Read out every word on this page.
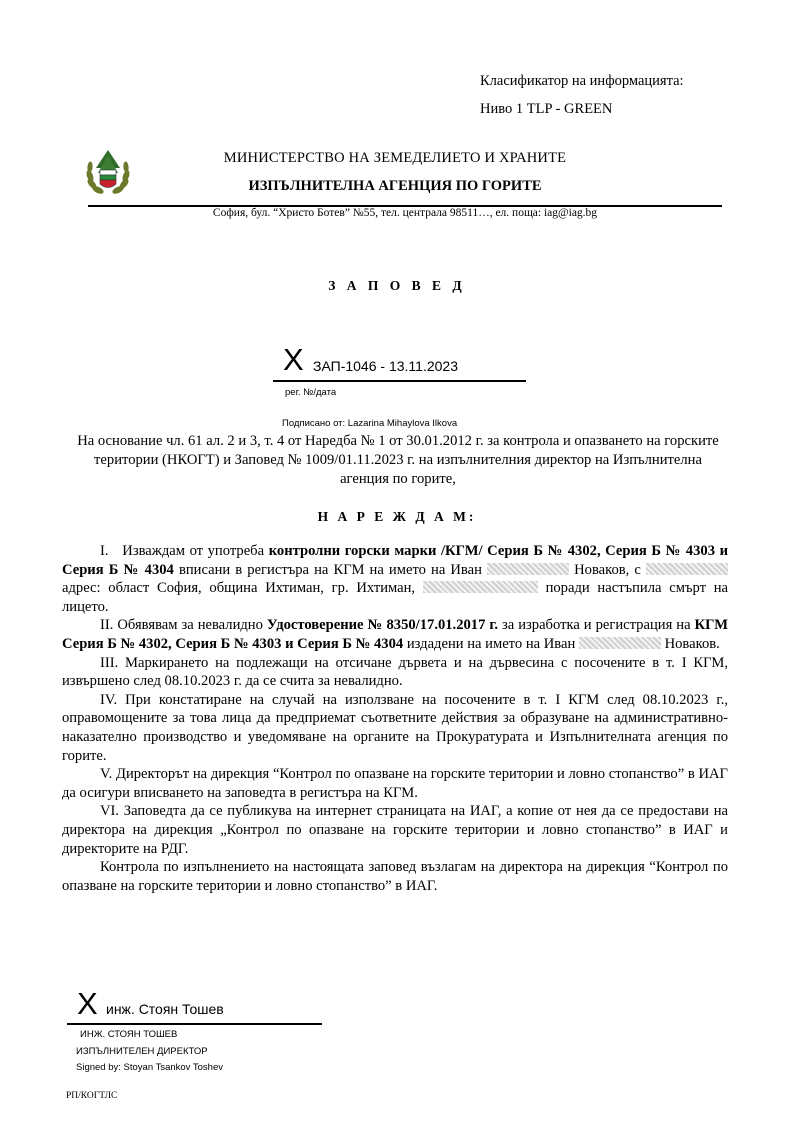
Класификатор на информацията:
Ниво 1 TLP - GREEN
МИНИСТЕРСТВО НА ЗЕМЕДЕЛИЕТО И ХРАНИТЕ
ИЗПЪЛНИТЕЛНА АГЕНЦИЯ ПО ГОРИТЕ
София, бул. “Христо Ботев” №55, тел. централа 98511…, ел. поща: iag@iag.bg
З А П О В Е Д
X ЗАП-1046 - 13.11.2023
рег. №/дата
Подписано от: Lazarina Mihaylova Ilkova
На основание чл. 61 ал. 2 и 3, т. 4 от Наредба № 1 от 30.01.2012 г. за контрола и опазването на горските територии (НКОГТ) и Заповед № 1009/01.11.2023 г. на изпълнителния директор на Изпълнителна агенция по горите,
Н А Р Е Ж Д А М:

I. Изваждам от употреба контролни горски марки /КГМ/ Серия Б № 4302, Серия Б № 4303 и Серия Б № 4304 вписани в регистъра на КГМ на името на Иван	Новаков, с  адрес: област София, община Ихтиман, гр. Ихтиман,	поради настъпила смърт на лицето.

II. Обявявам за невалидно Удостоверение № 8350/17.01.2017 г. за изработка и регистрация на КГМ Серия Б № 4302, Серия Б № 4303 и Серия Б № 4304 издадени на името на Иван	Новаков.

III. Маркирането на подлежащи на отсичане дървета и на дървесина с посочените в т. I КГМ, извършено след 08.10.2023 г. да се счита за невалидно.

IV. При констатиране на случай на използване на посочените в т. I КГМ след 08.10.2023 г., оправомощените за това лица да предприемат съответните действия за образуване на административно-наказателно производство и уведомяване на органите на Прокуратурата и Изпълнителната агенция по горите.

V. Директорът на дирекция “Контрол по опазване на горските територии и ловно стопанство” в ИАГ да осигури вписването на заповедта в регистъра на КГМ.

VI. Заповедта да се публикува на интернет страницата на ИАГ, а копие от нея да се предостави на директора на дирекция „Контрол по опазване на горските територии и ловно стопанство” в ИАГ и директорите на РДГ.

Контрола по изпълнението на настоящата заповед възлагам на директора на дирекция “Контрол по опазване на горските територии и ловно стопанство” в ИАГ.

X инж. Стоян Тошев
ИНЖ. СТОЯН ТОШЕВ
ИЗПЪЛНИТЕЛЕН ДИРЕКТОР
Signed by: Stoyan Tsankov Toshev
РП/КОГТЛС
